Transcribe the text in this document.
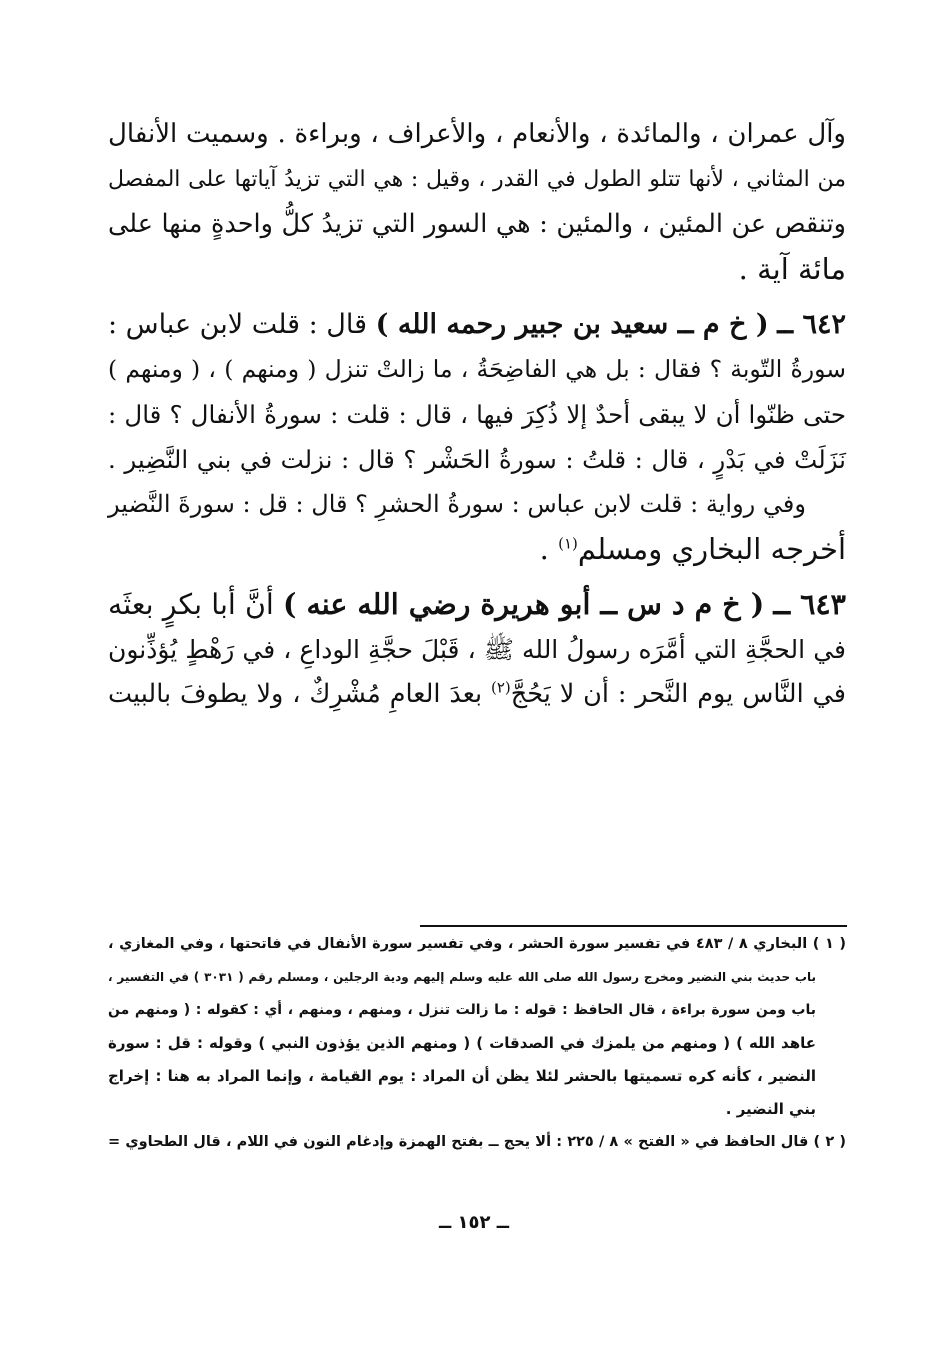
وآل عمران ، والمائدة ، والأنعام ، والأعراف ، وبراءة . وسميت الأنفال
من المثاني ، لأنها تتلو الطول في القدر ، وقيل : هي التي تزيدُ آياتها على المفصل
وتنقص عن المئين ، والمئين : هي السور التي تزيدُ كلُّ واحدةٍ منها على
مائة آية .
٦٤٢ ــ ( خ م ــ سعيد بن جبير رحمه الله ) قال : قلت لابن عباس :
سورةُ التّوبة ؟ فقال : بل هي الفاضِحَةُ ، ما زالتْ تنزل ( ومنهم ) ، ( ومنهم )
حتى ظنّوا أن لا يبقى أحدٌ إلا ذُكِرَ فيها ، قال : قلت : سورةُ الأنفال ؟ قال :
نَزَلَتْ في بَدْرٍ ، قال : قلتُ : سورةُ الحَشْر ؟ قال : نزلت في بني النَّضِير .
وفي رواية : قلت لابن عباس : سورةُ الحشرِ ؟ قال : قل : سورةَ النَّضير
أخرجه البخاري ومسلم$^{(١)}$ .
٦٤٣ ــ ( خ م د س ــ أبو هريرة رضي الله عنه ) أنَّ أبا بكرٍ بعثَه
في الحجَّةِ التي أمَّرَه رسولُ الله ﷺ ، قَبْلَ حجَّةِ الوداعِ ، في رَهْطٍ يُؤذِّنون
في النَّاس يوم النَّحر : أن لا يَحُجَّ$^{(٢)}$ بعدَ العامِ مُشْرِكٌ ، ولا يطوفَ بالبيت
( ١ ) البخاري ٨ / ٤٨٣ في تفسير سورة الحشر ، وفي تفسير سورة الأنفال في فاتحتها ، وفي المغازي ،
باب حديث بني النضير ومخرج رسول الله صلى الله عليه وسلم إليهم ودية الرجلين ، ومسلم رقم ( ٣٠٣١ ) في التفسير ،
باب ومن سورة براءة ، قال الحافظ : قوله : ما زالت تنزل ، ومنهم ، ومنهم ، أي : كقوله : ( ومنهم من
عاهد الله ) ( ومنهم من يلمزك في الصدقات ) ( ومنهم الذين يؤذون النبي ) وقوله : قل : سورة
النضير ، كأنه كره تسميتها بالحشر لئلا يظن أن المراد : يوم القيامة ، وإنما المراد به هنا : إخراج
بني النضير .
( ٢ ) قال الحافظ في « الفتح » ٨ / ٢٢٥ : ألا يحج ــ بفتح الهمزة وإدغام النون في اللام ، قال الطحاوي =
ــ ١٥٢ ــ
